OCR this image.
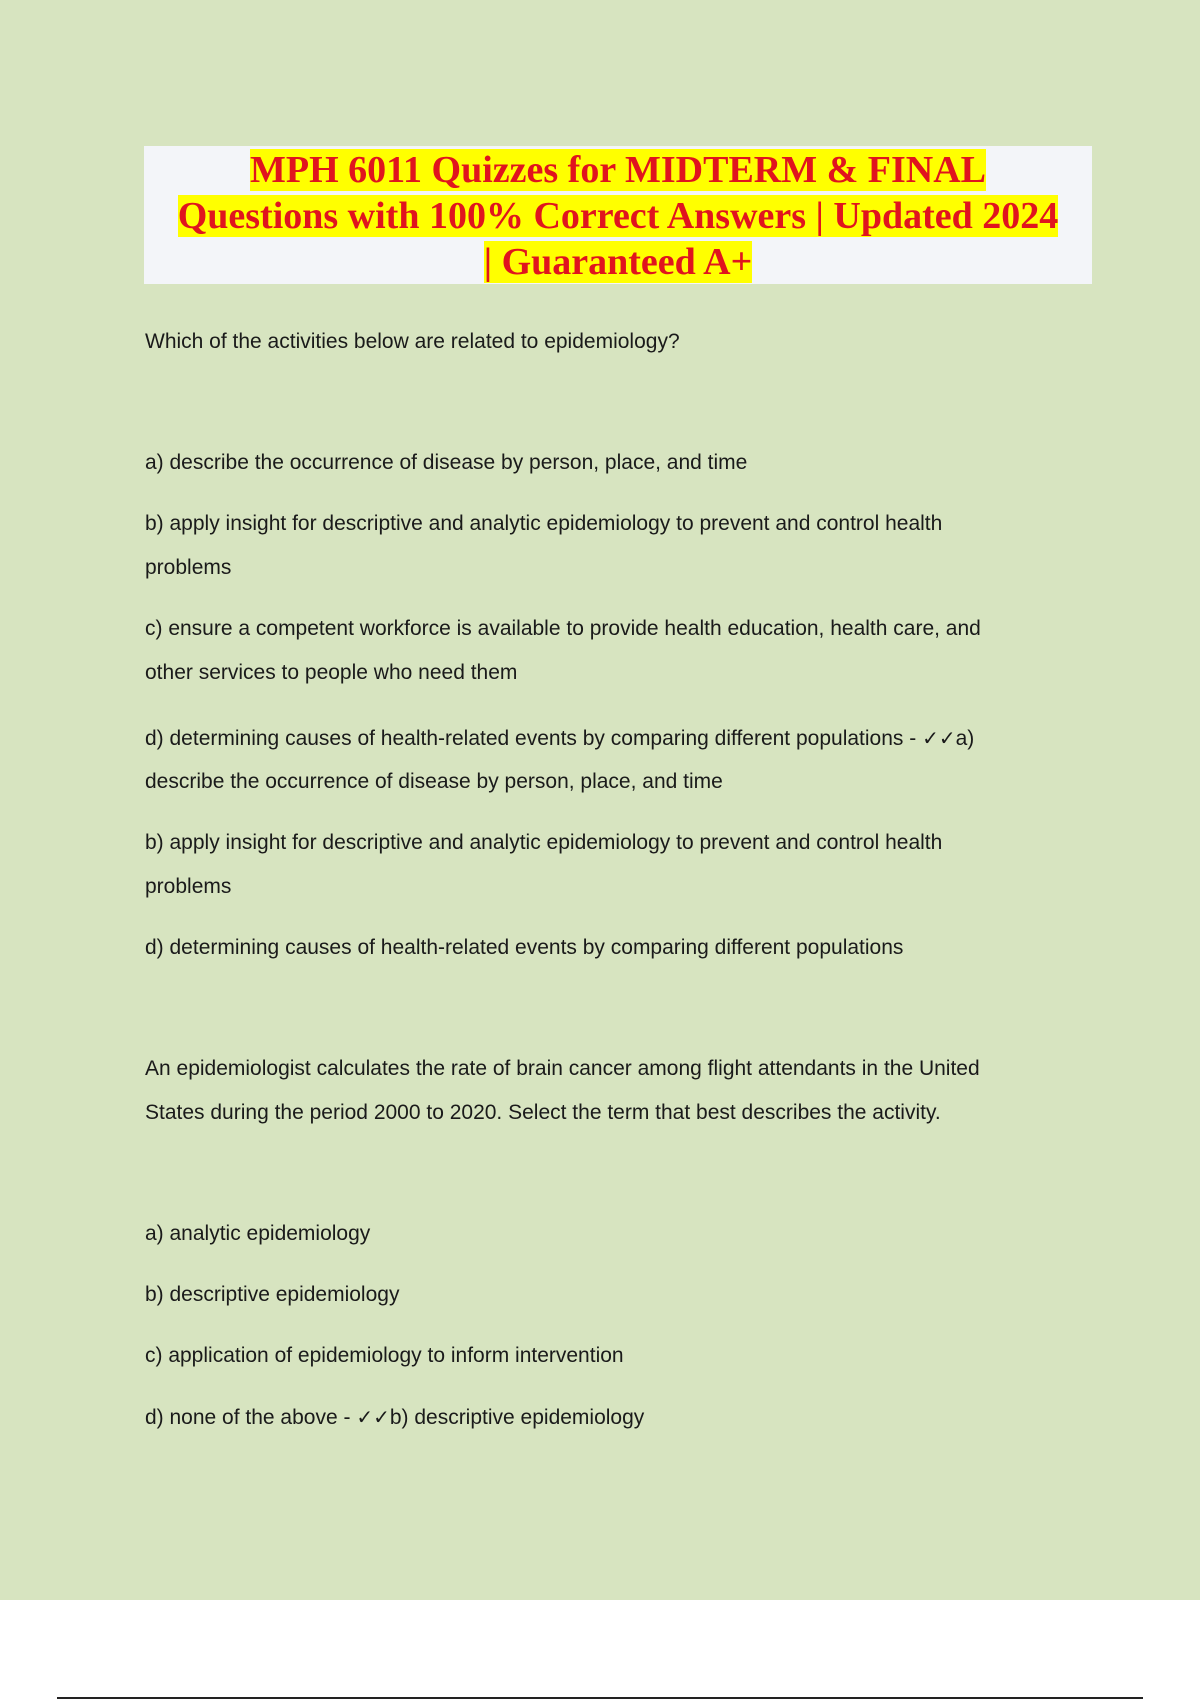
MPH 6011 Quizzes for MIDTERM & FINAL
Questions with 100% Correct Answers | Updated 2024
| Guaranteed A+
Which of the activities below are related to epidemiology?
a) describe the occurrence of disease by person, place, and time
b) apply insight for descriptive and analytic epidemiology to prevent and control health
problems
c) ensure a competent workforce is available to provide health education, health care, and
other services to people who need them
d) determining causes of health-related events by comparing different populations - ✓✓a)
describe the occurrence of disease by person, place, and time
b) apply insight for descriptive and analytic epidemiology to prevent and control health
problems
d) determining causes of health-related events by comparing different populations
An epidemiologist calculates the rate of brain cancer among flight attendants in the United
States during the period 2000 to 2020. Select the term that best describes the activity.
a) analytic epidemiology
b) descriptive epidemiology
c) application of epidemiology to inform intervention
d) none of the above - ✓✓b) descriptive epidemiology
